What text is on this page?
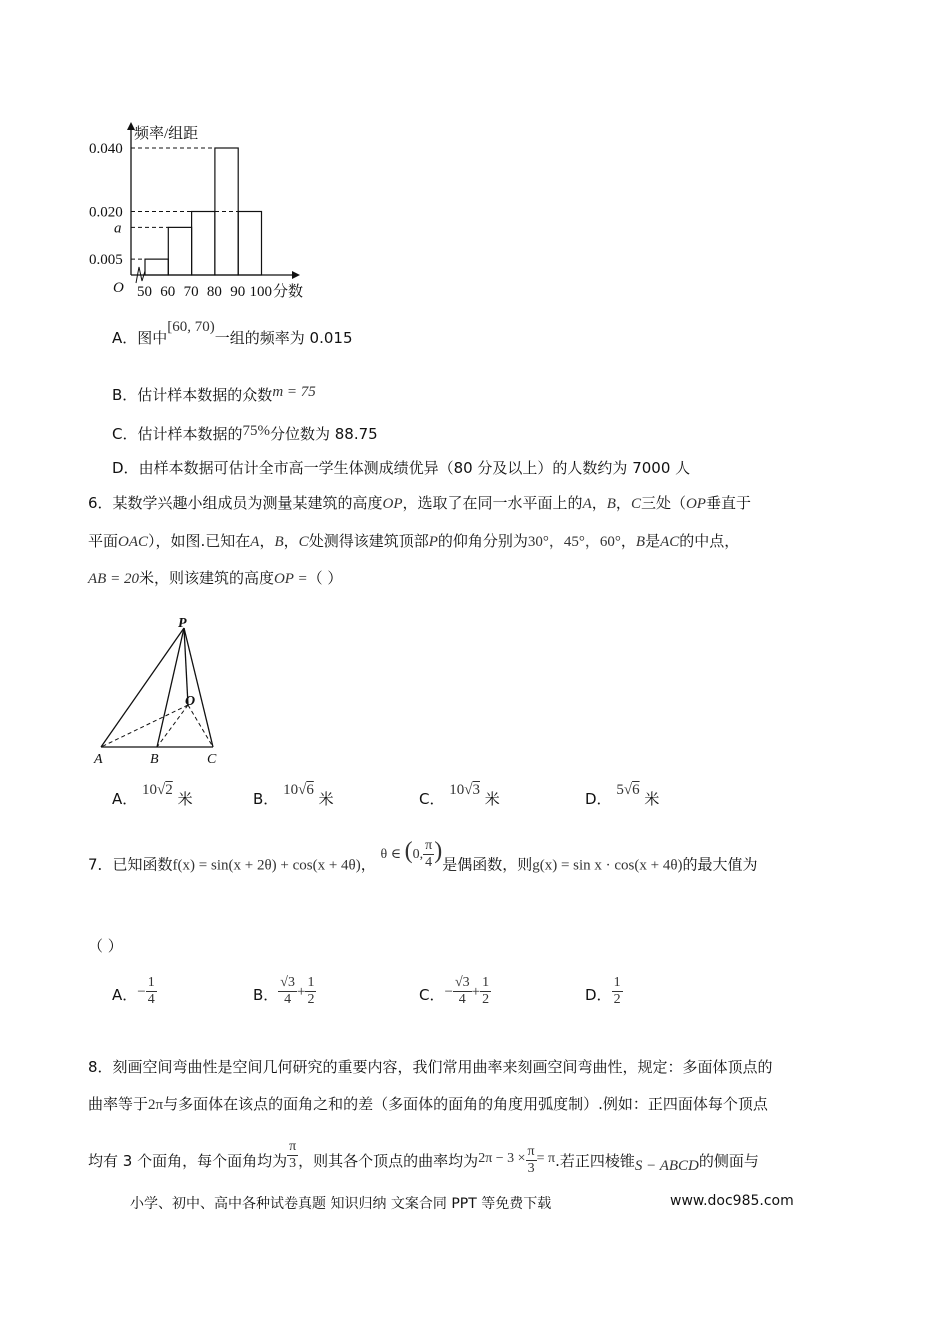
0.040
0.020
a
0.005
50 60 70 80 90 100
频率/组距
O	分数
A．图中[60, 70)一组的频率为 0.015
B．估计样本数据的众数m = 75
C．估计样本数据的75%分位数为 88.75
D．由样本数据可估计全市高一学生体测成绩优异（80 分及以上）的人数约为 7000 人
6．某数学兴趣小组成员为测量某建筑的高度OP，选取了在同一水平面上的A，B，C三处（OP垂直于
平面OAC），如图.已知在A，B，C处测得该建筑顶部P的仰角分别为30°，45°，60°，B是AC的中点，
AB = 20米，则该建筑的高度OP =（ ）
P
O
A	B	C
A． 10√2 米	B． 10√6 米	C． 10√3 米	D． 5√6 米
7．已知函数f(x) = sin(x + 2θ) + cos(x + 4θ)， θ ∈ (0, $\frac{\pi}{4}$ )是偶函数，则g(x) = sin x · cos(x + 4θ)的最大值为
（ ）
A．− $\frac{1}{4}$	B． $\frac{√3}{4} + \frac{1}{2}$	C．− $\frac{√3}{4} + \frac{1}{2}$	D． $\frac{1}{2}$
8．刻画空间弯曲性是空间几何研究的重要内容，我们常用曲率来刻画空间弯曲性，规定：多面体顶点的
曲率等于2π与多面体在该点的面角之和的差（多面体的面角的角度用弧度制）.例如：正四面体每个顶点
均有 3 个面角，每个面角均为 $\frac{\pi}{3}$ ，则其各个顶点的曲率均为$2\pi - 3 \times \frac{\pi}{3} = \pi$.若正四棱锥S − ABCD的侧面与
小学、初中、高中各种试卷真题 知识归纳 文案合同 PPT 等免费下载	www.doc985.com
